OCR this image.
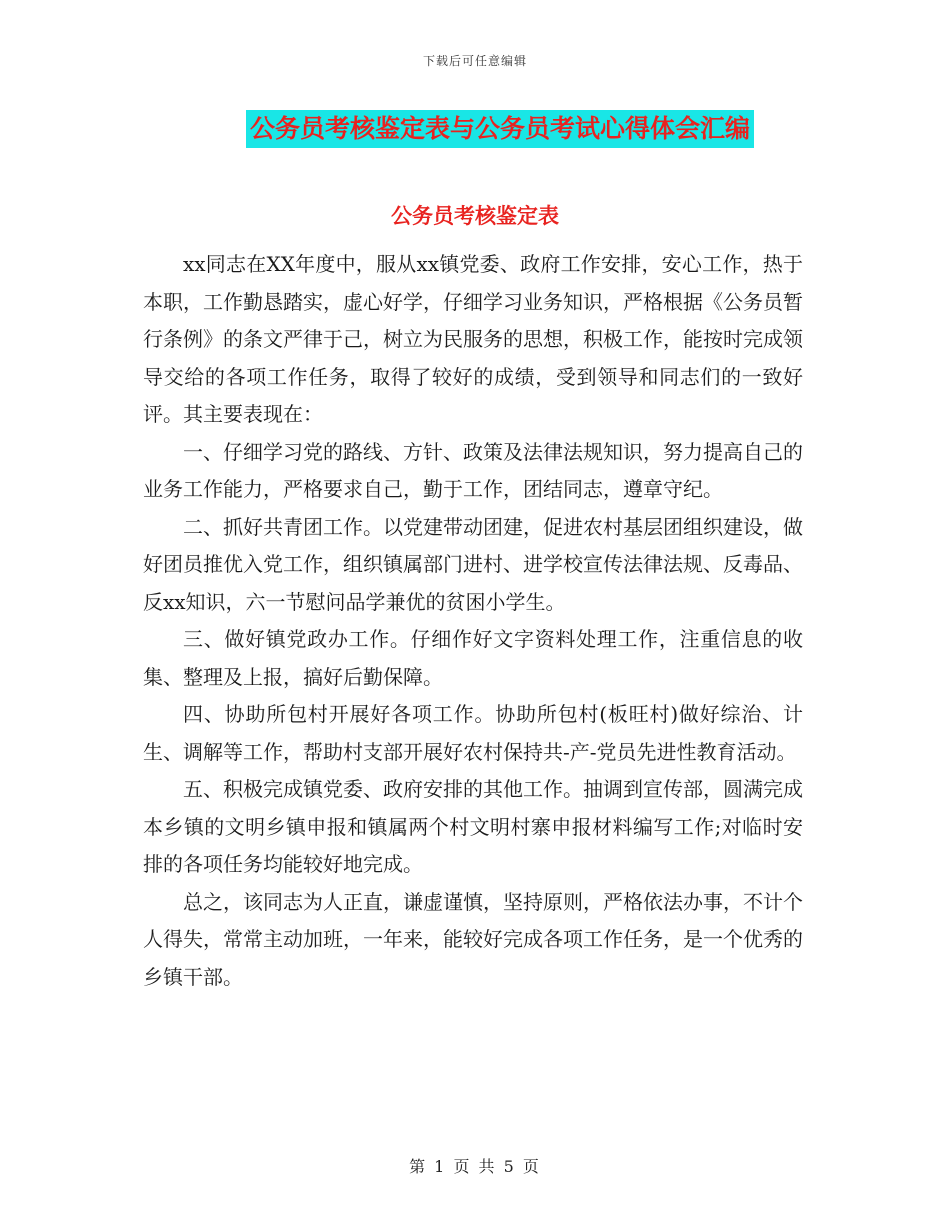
下载后可任意编辑
公务员考核鉴定表与公务员考试心得体会汇编
公务员考核鉴定表

xx同志在XX年度中，服从xx镇党委、政府工作安排，安心工作，热于本职，工作勤恳踏实，虚心好学，仔细学习业务知识，严格根据《公务员暂行条例》的条文严律于己，树立为民服务的思想，积极工作，能按时完成领导交给的各项工作任务，取得了较好的成绩，受到领导和同志们的一致好评。其主要表现在：

一、仔细学习党的路线、方针、政策及法律法规知识，努力提高自己的业务工作能力，严格要求自己，勤于工作，团结同志，遵章守纪。

二、抓好共青团工作。以党建带动团建，促进农村基层团组织建设，做好团员推优入党工作，组织镇属部门进村、进学校宣传法律法规、反毒品、反xx知识，六一节慰问品学兼优的贫困小学生。

三、做好镇党政办工作。仔细作好文字资料处理工作，注重信息的收集、整理及上报，搞好后勤保障。

四、协助所包村开展好各项工作。协助所包村(板旺村)做好综治、计生、调解等工作，帮助村支部开展好农村保持共-产-党员先进性教育活动。

五、积极完成镇党委、政府安排的其他工作。抽调到宣传部，圆满完成本乡镇的文明乡镇申报和镇属两个村文明村寨申报材料编写工作;对临时安排的各项任务均能较好地完成。

总之，该同志为人正直，谦虚谨慎，坚持原则，严格依法办事，不计个人得失，常常主动加班，一年来，能较好完成各项工作任务，是一个优秀的乡镇干部。

第 1 页 共 5 页
